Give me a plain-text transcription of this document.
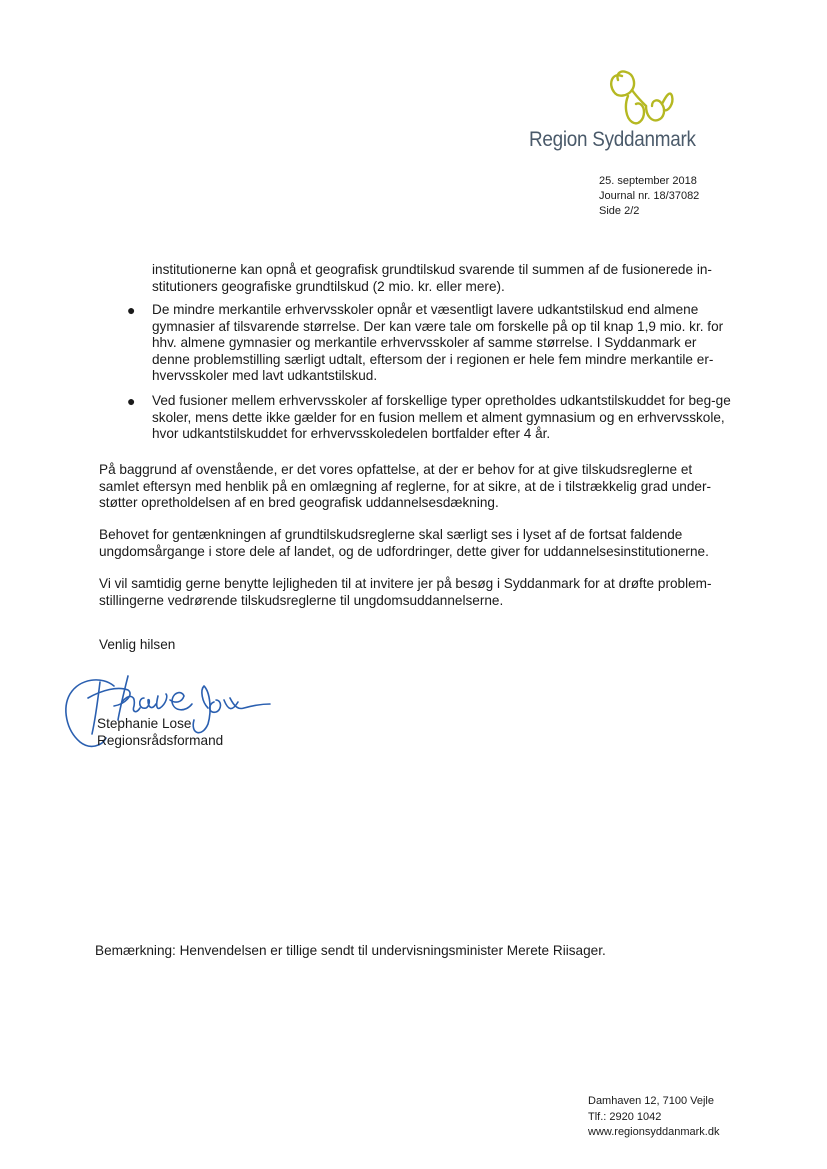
Region Syddanmark
25. september 2018
Journal nr. 18/37082
Side 2/2
institutionerne kan opnå et geografisk grundtilskud svarende til summen af de fusionerede in-stitutioners geografiske grundtilskud (2 mio. kr. eller mere).
● De mindre merkantile erhvervsskoler opnår et væsentligt lavere udkantstilskud end almene gymnasier af tilsvarende størrelse. Der kan være tale om forskelle på op til knap 1,9 mio. kr. for hhv. almene gymnasier og merkantile erhvervsskoler af samme størrelse. I Syddanmark er denne problemstilling særligt udtalt, eftersom der i regionen er hele fem mindre merkantile er-hvervsskoler med lavt udkantstilskud.
● Ved fusioner mellem erhvervsskoler af forskellige typer opretholdes udkantstilskuddet for beg-ge skoler, mens dette ikke gælder for en fusion mellem et alment gymnasium og en erhvervsskole, hvor udkantstilskuddet for erhvervsskoledelen bortfalder efter 4 år.
På baggrund af ovenstående, er det vores opfattelse, at der er behov for at give tilskudsreglerne et samlet eftersyn med henblik på en omlægning af reglerne, for at sikre, at de i tilstrækkelig grad under-støtter opretholdelsen af en bred geografisk uddannelsesdækning.
Behovet for gentænkningen af grundtilskudsreglerne skal særligt ses i lyset af de fortsat faldende ungdomsårgange i store dele af landet, og de udfordringer, dette giver for uddannelsesinstitutionerne.
Vi vil samtidig gerne benytte lejligheden til at invitere jer på besøg i Syddanmark for at drøfte problem-stillingerne vedrørende tilskudsreglerne til ungdomsuddannelserne.
Venlig hilsen
Stephanie Lose
Regionsrådsformand
Bemærkning: Henvendelsen er tillige sendt til undervisningsminister Merete Riisager.
Damhaven 12, 7100 Vejle
Tlf.: 2920 1042
www.regionsyddanmark.dk
